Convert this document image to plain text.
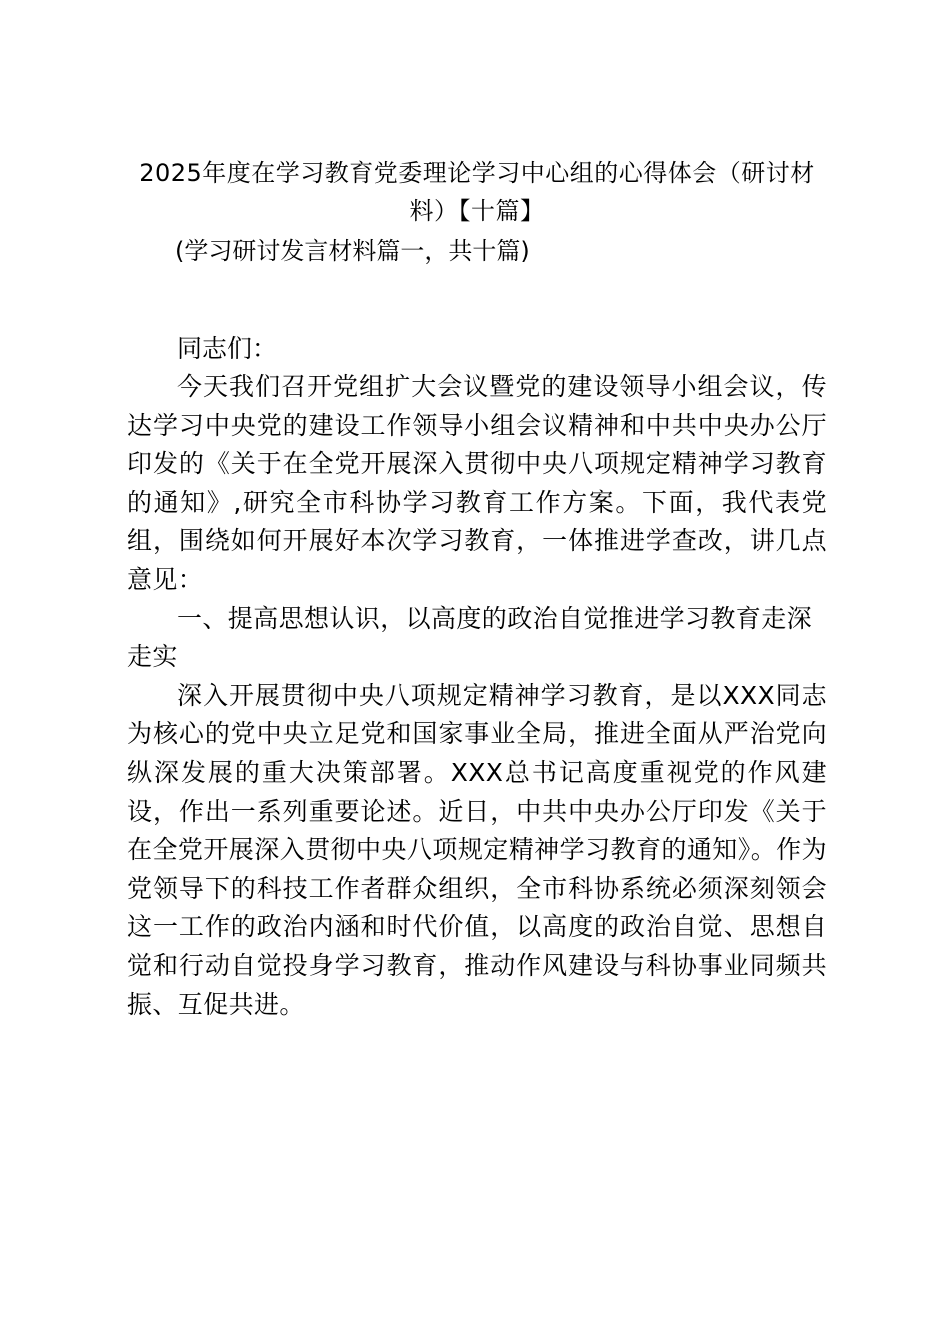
2025年度在学习教育党委理论学习中心组的心得体会（研讨材料）【十篇】

(学习研讨发言材料篇一，共十篇)

同志们：

今天我们召开党组扩大会议暨党的建设领导小组会议，传达学习中央党的建设工作领导小组会议精神和中共中央办公厅印发的《关于在全党开展深入贯彻中央八项规定精神学习教育的通知》,研究全市科协学习教育工作方案。下面，我代表党组，围绕如何开展好本次学习教育，一体推进学查改，讲几点意见：

一、提高思想认识，以高度的政治自觉推进学习教育走深走实

深入开展贯彻中央八项规定精神学习教育，是以XXX同志为核心的党中央立足党和国家事业全局，推进全面从严治党向纵深发展的重大决策部署。XXX总书记高度重视党的作风建设，作出一系列重要论述。近日，中共中央办公厅印发《关于在全党开展深入贯彻中央八项规定精神学习教育的通知》。作为党领导下的科技工作者群众组织，全市科协系统必须深刻领会这一工作的政治内涵和时代价值，以高度的政治自觉、思想自觉和行动自觉投身学习教育，推动作风建设与科协事业同频共振、互促共进。
